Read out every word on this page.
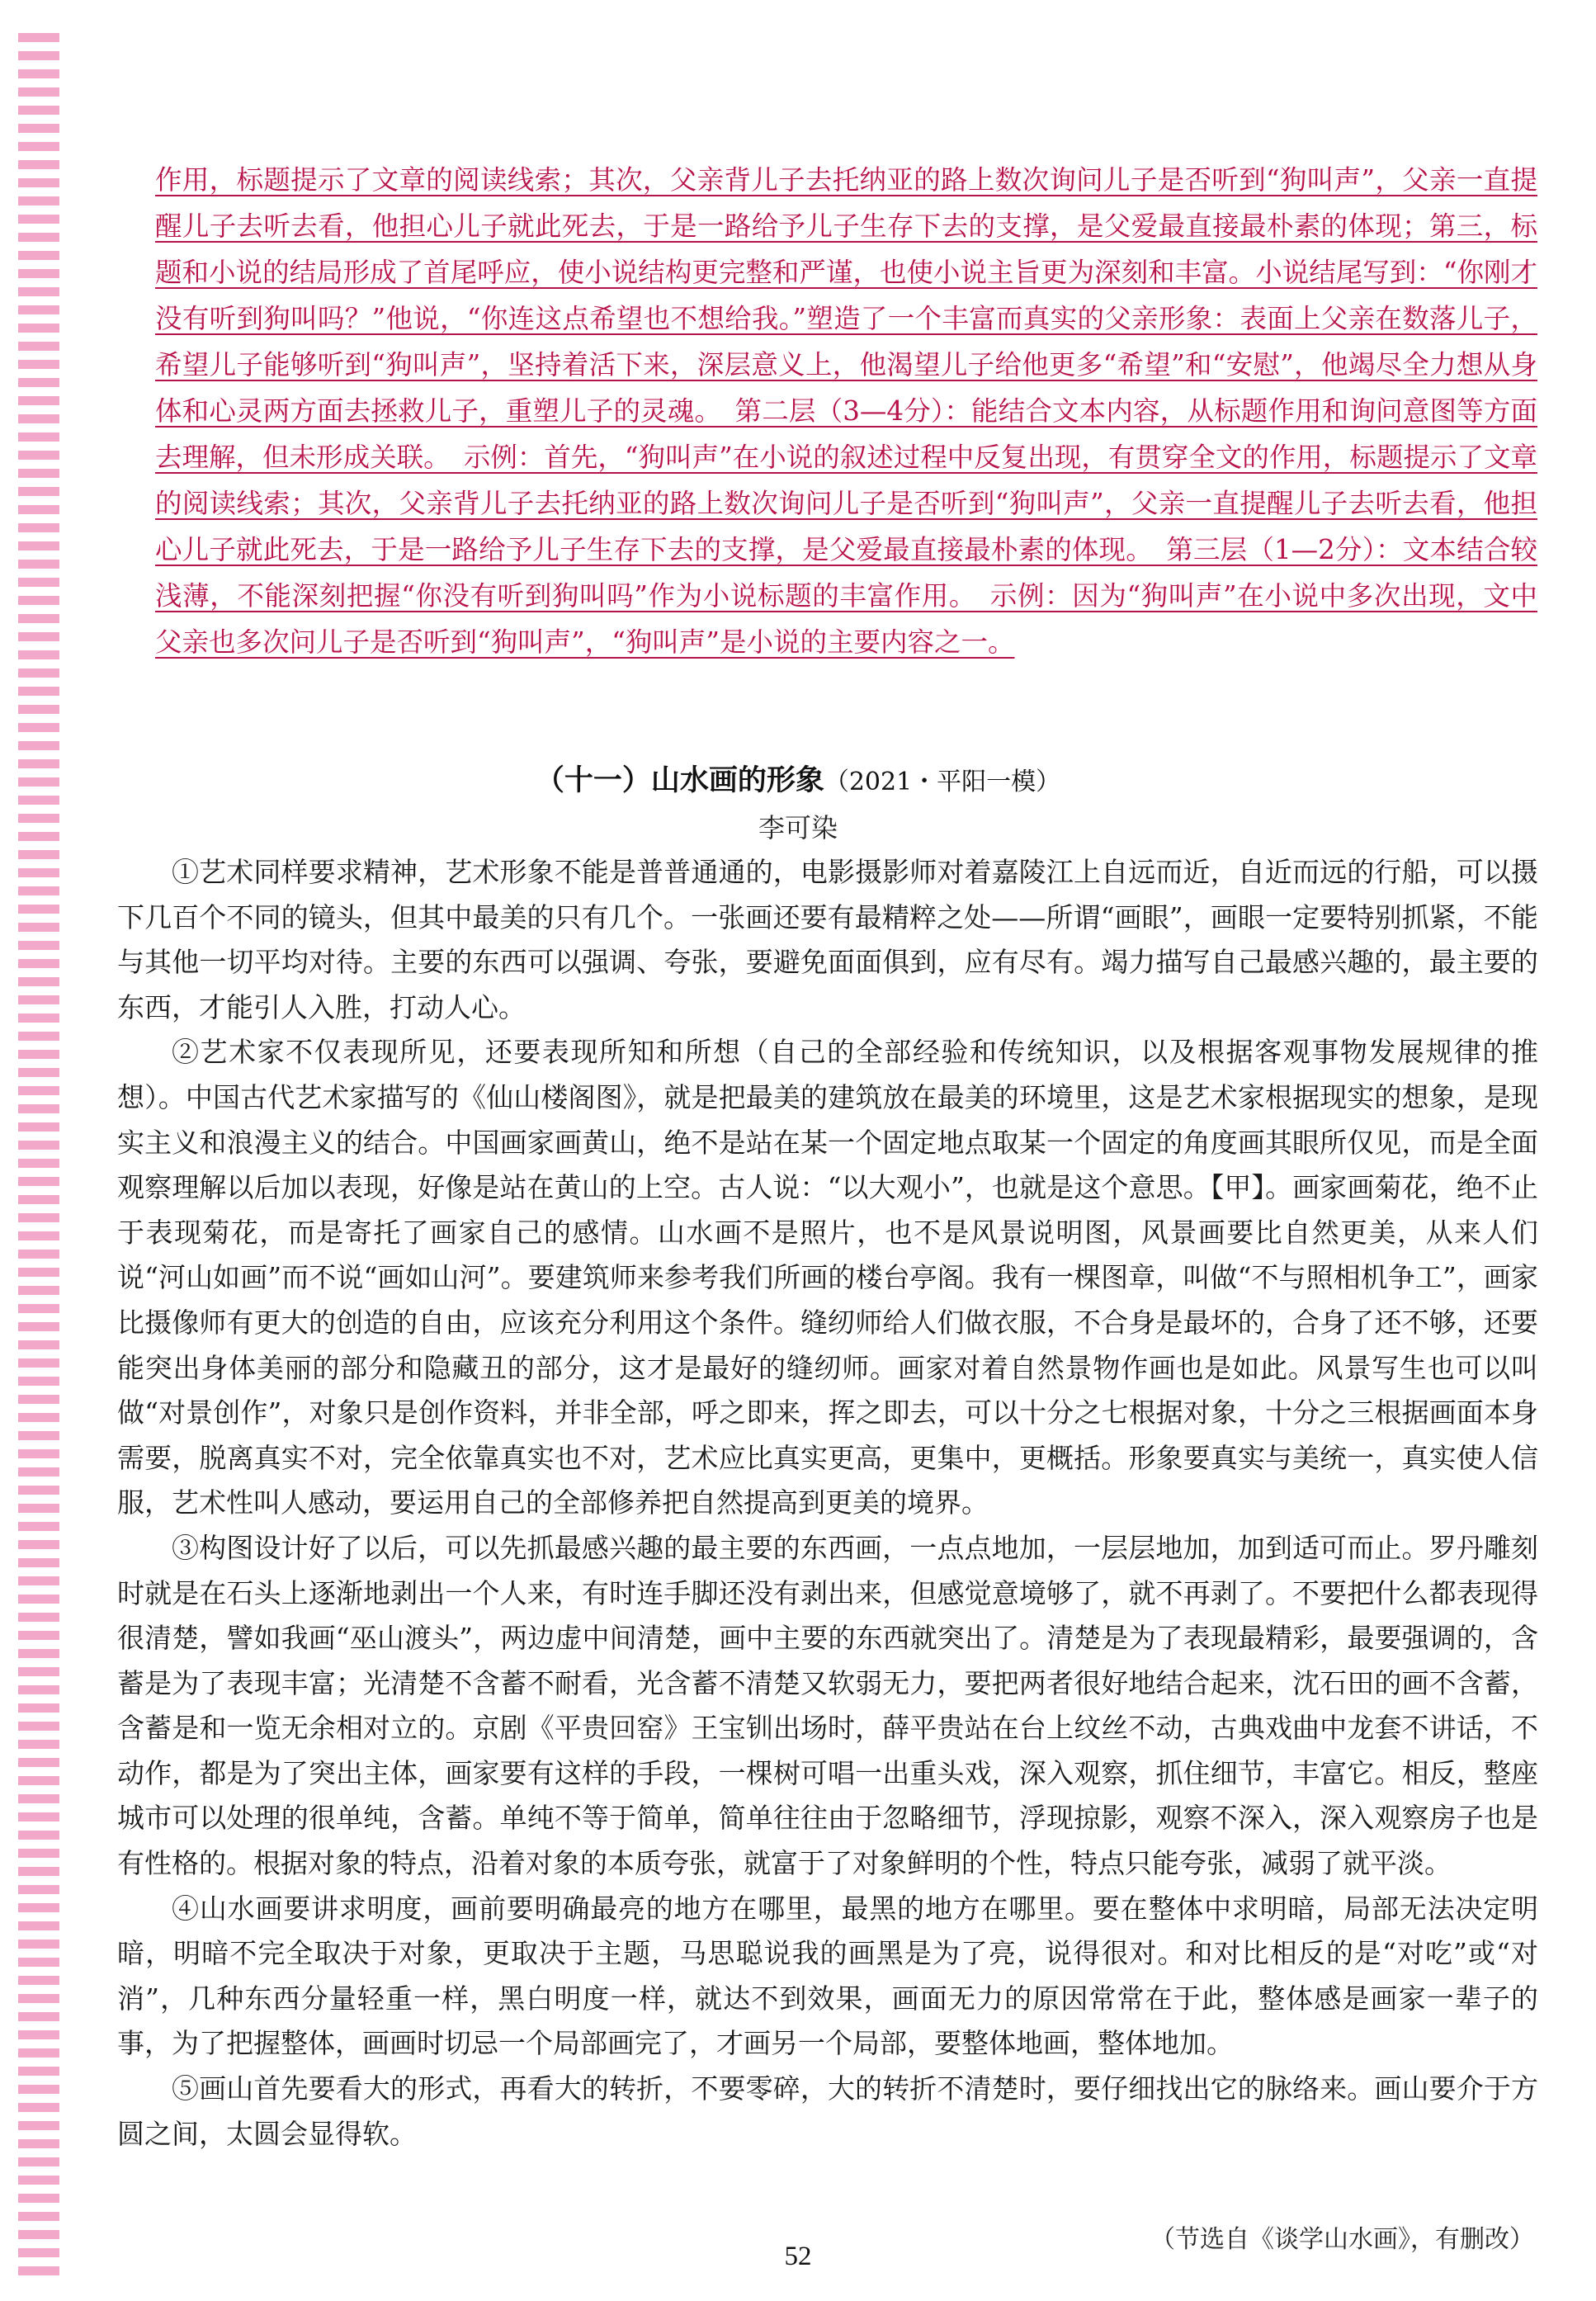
作用，标题提示了文章的阅读线索；其次，父亲背儿子去托纳亚的路上数次询问儿子是否听到“狗叫声”，父亲一直提醒儿子去听去看，他担心儿子就此死去，于是一路给予儿子生存下去的支撑，是父爱最直接最朴素的体现；第三，标题和小说的结局形成了首尾呼应，使小说结构更完整和严谨，也使小说主旨更为深刻和丰富。小说结尾写到：“你刚才没有听到狗叫吗？”他说，“你连这点希望也不想给我。”塑造了一个丰富而真实的父亲形象：表面上父亲在数落儿子，希望儿子能够听到“狗叫声”，坚持着活下来，深层意义上，他渴望儿子给他更多“希望”和“安慰”，他竭尽全力想从身体和心灵两方面去拯救儿子，重塑儿子的灵魂。　第二层（3—4分）：能结合文本内容，从标题作用和询问意图等方面去理解，但未形成关联。　示例：首先，“狗叫声”在小说的叙述过程中反复出现，有贯穿全文的作用，标题提示了文章的阅读线索；其次，父亲背儿子去托纳亚的路上数次询问儿子是否听到“狗叫声”，父亲一直提醒儿子去听去看，他担心儿子就此死去，于是一路给予儿子生存下去的支撑，是父爱最直接最朴素的体现。　第三层（1—2分）：文本结合较浅薄，不能深刻把握“你没有听到狗叫吗”作为小说标题的丰富作用。　示例：因为“狗叫声”在小说中多次出现，文中父亲也多次问儿子是否听到“狗叫声”，“狗叫声”是小说的主要内容之一。
（十一）山水画的形象（2021・平阳一模）
李可染

①艺术同样要求精神，艺术形象不能是普普通通的，电影摄影师对着嘉陵江上自远而近，自近而远的行船，可以摄下几百个不同的镜头，但其中最美的只有几个。一张画还要有最精粹之处——所谓“画眼”，画眼一定要特别抓紧，不能与其他一切平均对待。主要的东西可以强调、夸张，要避免面面俱到，应有尽有。竭力描写自己最感兴趣的，最主要的东西，才能引人入胜，打动人心。

②艺术家不仅表现所见，还要表现所知和所想（自己的全部经验和传统知识，以及根据客观事物发展规律的推想）。中国古代艺术家描写的《仙山楼阁图》，就是把最美的建筑放在最美的环境里，这是艺术家根据现实的想象，是现实主义和浪漫主义的结合。中国画家画黄山，绝不是站在某一个固定地点取某一个固定的角度画其眼所仅见，而是全面观察理解以后加以表现，好像是站在黄山的上空。古人说：“以大观小”，也就是这个意思。【甲】。画家画菊花，绝不止于表现菊花，而是寄托了画家自己的感情。山水画不是照片，也不是风景说明图，风景画要比自然更美，从来人们说“河山如画”而不说“画如山河”。要建筑师来参考我们所画的楼台亭阁。我有一棵图章，叫做“不与照相机争工”，画家比摄像师有更大的创造的自由，应该充分利用这个条件。缝纫师给人们做衣服，不合身是最坏的，合身了还不够，还要能突出身体美丽的部分和隐藏丑的部分，这才是最好的缝纫师。画家对着自然景物作画也是如此。风景写生也可以叫做“对景创作”，对象只是创作资料，并非全部，呼之即来，挥之即去，可以十分之七根据对象，十分之三根据画面本身需要，脱离真实不对，完全依靠真实也不对，艺术应比真实更高，更集中，更概括。形象要真实与美统一，真实使人信服，艺术性叫人感动，要运用自己的全部修养把自然提高到更美的境界。

③构图设计好了以后，可以先抓最感兴趣的最主要的东西画，一点点地加，一层层地加，加到适可而止。罗丹雕刻时就是在石头上逐渐地剥出一个人来，有时连手脚还没有剥出来，但感觉意境够了，就不再剥了。不要把什么都表现得很清楚，譬如我画“巫山渡头”，两边虚中间清楚，画中主要的东西就突出了。清楚是为了表现最精彩，最要强调的，含蓄是为了表现丰富；光清楚不含蓄不耐看，光含蓄不清楚又软弱无力，要把两者很好地结合起来，沈石田的画不含蓄，含蓄是和一览无余相对立的。京剧《平贵回窑》王宝钏出场时，薛平贵站在台上纹丝不动，古典戏曲中龙套不讲话，不动作，都是为了突出主体，画家要有这样的手段，一棵树可唱一出重头戏，深入观察，抓住细节，丰富它。相反，整座城市可以处理的很单纯，含蓄。单纯不等于简单，简单往往由于忽略细节，浮现掠影，观察不深入，深入观察房子也是有性格的。根据对象的特点，沿着对象的本质夸张，就富于了对象鲜明的个性，特点只能夸张，减弱了就平淡。

④山水画要讲求明度，画前要明确最亮的地方在哪里，最黑的地方在哪里。要在整体中求明暗，局部无法决定明暗，明暗不完全取决于对象，更取决于主题，马思聪说我的画黑是为了亮，说得很对。和对比相反的是“对吃”或“对消”，几种东西分量轻重一样，黑白明度一样，就达不到效果，画面无力的原因常常在于此，整体感是画家一辈子的事，为了把握整体，画画时切忌一个局部画完了，才画另一个局部，要整体地画，整体地加。

⑤画山首先要看大的形式，再看大的转折，不要零碎，大的转折不清楚时，要仔细找出它的脉络来。画山要介于方圆之间，太圆会显得软。

（节选自《谈学山水画》，有删改）
52
